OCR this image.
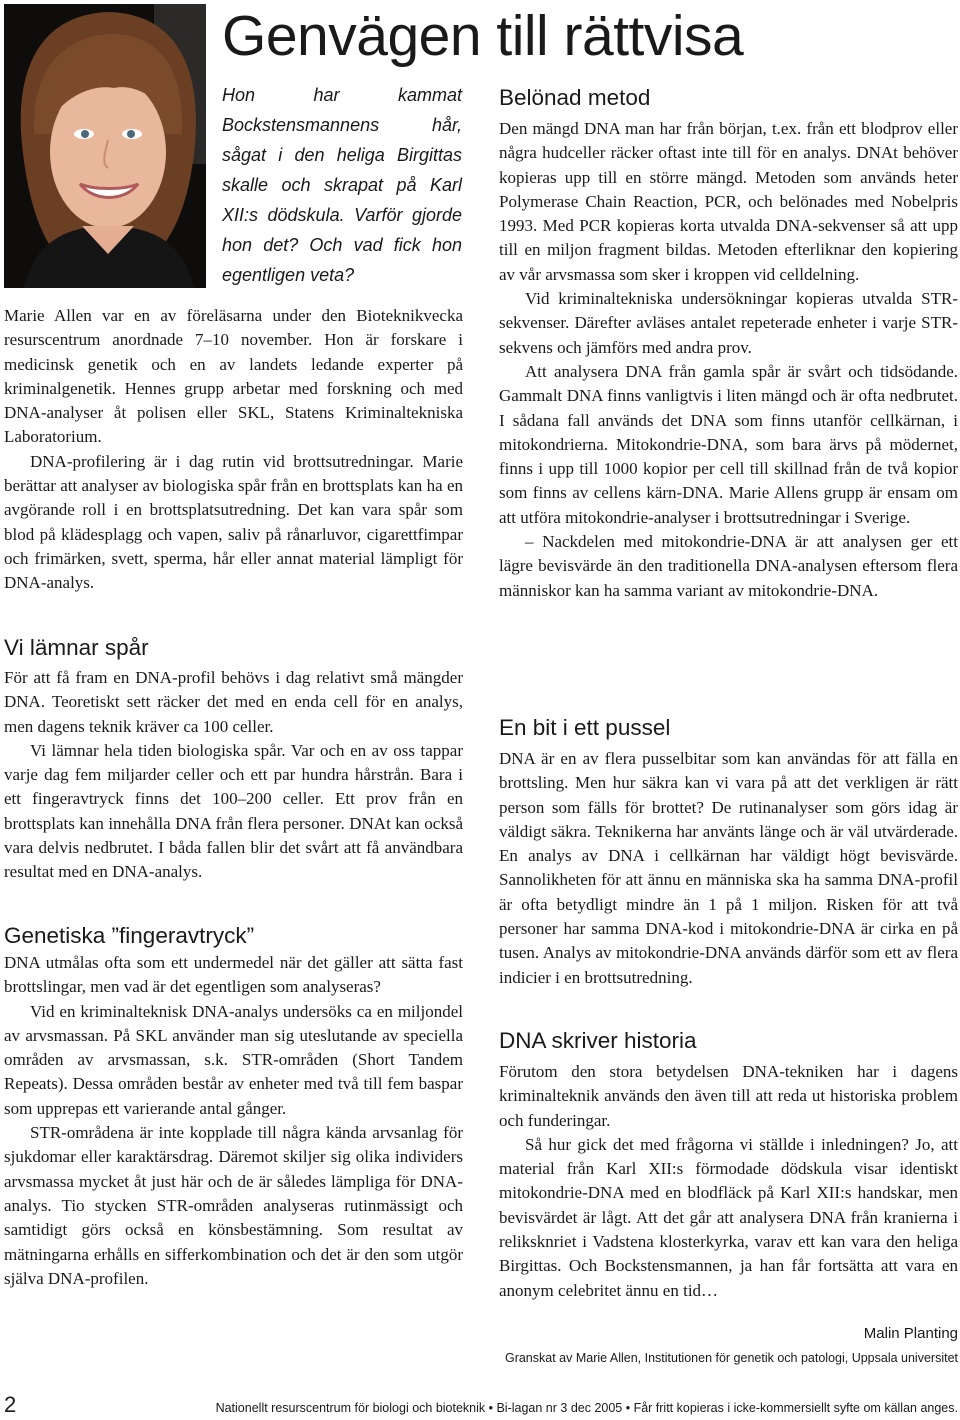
Genvägen till rättvisa

Hon har kammat Bockstensmannens hår, sågat i den heliga Birgittas skalle och skrapat på Karl XII:s dödskula. Varför gjorde hon det? Och vad fick hon egentligen veta?

Marie Allen var en av föreläsarna under den Bioteknikvecka resurscentrum anordnade 7–10 november. Hon är forskare i medicinsk genetik och en av landets ledande experter på kriminalgenetik. Hennes grupp arbetar med forskning och med DNA-analyser åt polisen eller SKL, Statens Kriminaltekniska Laboratorium.

DNA-profilering är i dag rutin vid brottsutredningar. Marie berättar att analyser av biologiska spår från en brottsplats kan ha en avgörande roll i en brottsplatsutredning. Det kan vara spår som blod på klädesplagg och vapen, saliv på rånarluvor, cigarettfimpar och frimärken, svett, sperma, hår eller annat material lämpligt för DNA-analys.

Vi lämnar spår

För att få fram en DNA-profil behövs i dag relativt små mängder DNA. Teoretiskt sett räcker det med en enda cell för en analys, men dagens teknik kräver ca 100 celler.

Vi lämnar hela tiden biologiska spår. Var och en av oss tappar varje dag fem miljarder celler och ett par hundra hårstrån. Bara i ett fingeravtryck finns det 100–200 celler. Ett prov från en brottsplats kan innehålla DNA från flera personer. DNAt kan också vara delvis nedbrutet. I båda fallen blir det svårt att få användbara resultat med en DNA-analys.

Genetiska ”fingeravtryck”

DNA utmålas ofta som ett undermedel när det gäller att sätta fast brottslingar, men vad är det egentligen som analyseras?

Vid en kriminalteknisk DNA-analys undersöks ca en miljondel av arvsmassan. På SKL använder man sig uteslutande av speciella områden av arvsmassan, s.k. STR-områden (Short Tandem Repeats). Dessa områden består av enheter med två till fem baspar som upprepas ett varierande antal gånger.

STR-områdena är inte kopplade till några kända arvsanlag för sjukdomar eller karaktärsdrag. Däremot skiljer sig olika individers arvsmassa mycket åt just här och de är således lämpliga för DNA-analys. Tio stycken STR-områden analyseras rutinmässigt och samtidigt görs också en könsbestämning. Som resultat av mätningarna erhålls en sifferkombination och det är den som utgör själva DNA-profilen.

Belönad metod

Den mängd DNA man har från början, t.ex. från ett blodprov eller några hudceller räcker oftast inte till för en analys. DNAt behöver kopieras upp till en större mängd. Metoden som används heter Polymerase Chain Reaction, PCR, och belönades med Nobelpris 1993. Med PCR kopieras korta utvalda DNA-sekvenser så att upp till en miljon fragment bildas. Metoden efterliknar den kopiering av vår arvsmassa som sker i kroppen vid celldelning.

Vid kriminaltekniska undersökningar kopieras utvalda STR-sekvenser. Därefter avläses antalet repeterade enheter i varje STR-sekvens och jämförs med andra prov.

Att analysera DNA från gamla spår är svårt och tidsödande. Gammalt DNA finns vanligtvis i liten mängd och är ofta nedbrutet. I sådana fall används det DNA som finns utanför cellkärnan, i mitokondrierna. Mitokondrie-DNA, som bara ärvs på mödernet, finns i upp till 1000 kopior per cell till skillnad från de två kopior som finns av cellens kärn-DNA. Marie Allens grupp är ensam om att utföra mitokondrie-analyser i brottsutredningar i Sverige.

– Nackdelen med mitokondrie-DNA är att analysen ger ett lägre bevisvärde än den traditionella DNA-analysen eftersom flera människor kan ha samma variant av mitokondrie-DNA.

En bit i ett pussel

DNA är en av flera pusselbitar som kan användas för att fälla en brottsling. Men hur säkra kan vi vara på att det verkligen är rätt person som fälls för brottet? De rutinanalyser som görs idag är väldigt säkra. Teknikerna har använts länge och är väl utvärderade. En analys av DNA i cellkärnan har väldigt högt bevisvärde. Sannolikheten för att ännu en människa ska ha samma DNA-profil är ofta betydligt mindre än 1 på 1 miljon. Risken för att två personer har samma DNA-kod i mitokondrie-DNA är cirka en på tusen. Analys av mitokondrie-DNA används därför som ett av flera indicier i en brottsutredning.

DNA skriver historia

Förutom den stora betydelsen DNA-tekniken har i dagens kriminalteknik används den även till att reda ut historiska problem och funderingar.

Så hur gick det med frågorna vi ställde i inledningen? Jo, att material från Karl XII:s förmodade dödskula visar identiskt mitokondrie-DNA med en blodfläck på Karl XII:s handskar, men bevisvärdet är lågt. Att det går att analysera DNA från kranierna i reliksknriet i Vadstena klosterkyrka, varav ett kan vara den heliga Birgittas. Och Bockstensmannen, ja han får fortsätta att vara en anonym celebritet ännu en tid…

Malin Planting

Granskat av Marie Allen, Institutionen för genetik och patologi, Uppsala universitet

2	Nationellt resurscentrum för biologi och bioteknik • Bi-lagan nr 3 dec 2005 • Får fritt kopieras i icke-kommersiellt syfte om källan anges.
